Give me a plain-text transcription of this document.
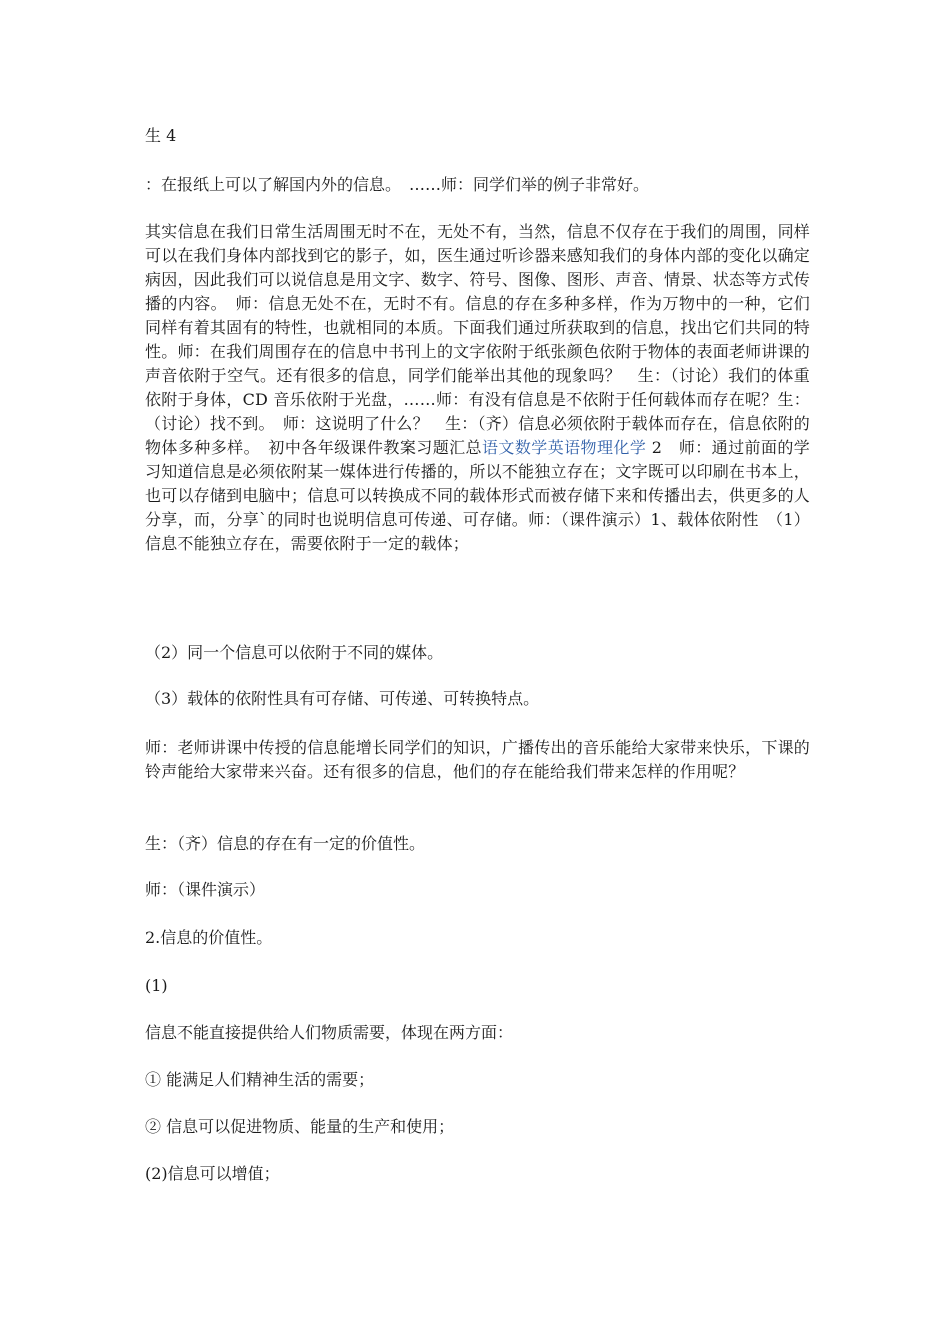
生 4

：在报纸上可以了解国内外的信息。　……师：同学们举的例子非常好。

其实信息在我们日常生活周围无时不在，无处不有，当然，信息不仅存在于我们的周围，同样可以在我们身体内部找到它的影子，如，医生通过听诊器来感知我们的身体内部的变化以确定病因，因此我们可以说信息是用文字、数字、符号、图像、图形、声音、情景、状态等方式传播的内容。　师：信息无处不在，无时不有。信息的存在多种多样，作为万物中的一种，它们同样有着其固有的特性，也就相同的本质。下面我们通过所获取到的信息，找出它们共同的特性。师：在我们周围存在的信息中书刊上的文字依附于纸张颜色依附于物体的表面老师讲课的声音依附于空气。还有很多的信息，同学们能举出其他的现象吗？　生：（讨论）我们的体重依附于身体，CD 音乐依附于光盘，……师：有没有信息是不依附于任何载体而存在呢？生：（讨论）找不到。　师：这说明了什么？　生：（齐）信息必须依附于载体而存在，信息依附的物体多种多样。　初中各年级课件教案习题汇总语文数学英语物理化学 2　师：通过前面的学习知道信息是必须依附某一媒体进行传播的，所以不能独立存在；文字既可以印刷在书本上，也可以存储到电脑中；信息可以转换成不同的载体形式而被存储下来和传播出去，供更多的人分享，而，分享`的同时也说明信息可传递、可存储。师：（课件演示）1、载体依附性　（1）信息不能独立存在，需要依附于一定的载体；

（2）同一个信息可以依附于不同的媒体。

（3）载体的依附性具有可存储、可传递、可转换特点。

师：老师讲课中传授的信息能增长同学们的知识，广播传出的音乐能给大家带来快乐，下课的铃声能给大家带来兴奋。还有很多的信息，他们的存在能给我们带来怎样的作用呢？

生：（齐）信息的存在有一定的价值性。

师：（课件演示）

2.信息的价值性。

(1)

信息不能直接提供给人们物质需要，体现在两方面：

① 能满足人们精神生活的需要；

② 信息可以促进物质、能量的生产和使用；

(2)信息可以增值；
